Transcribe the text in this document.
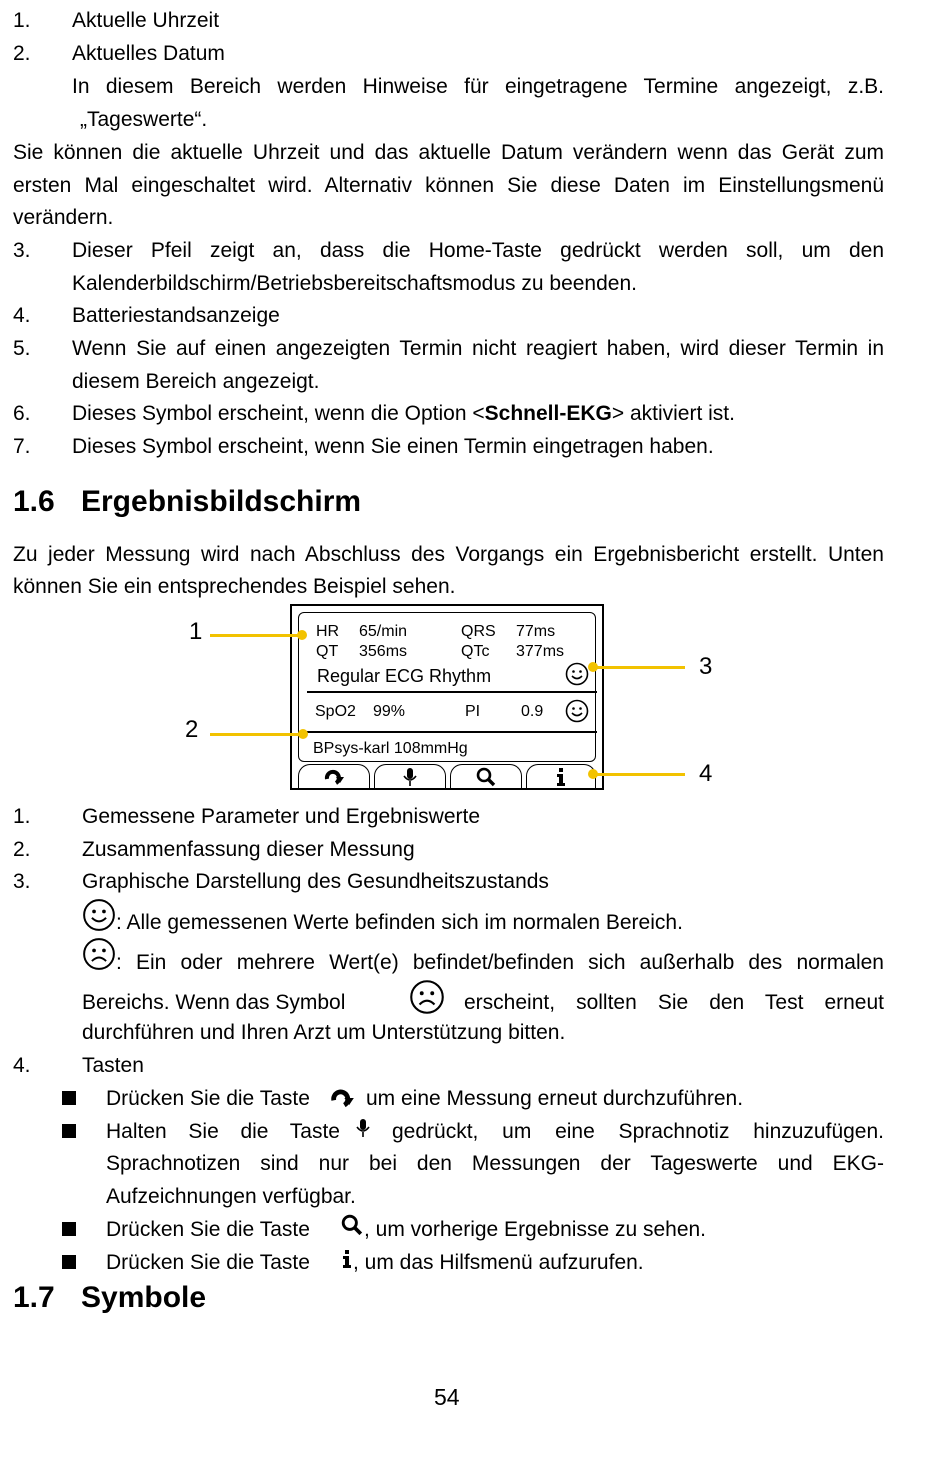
1. Aktuelle Uhrzeit
2. Aktuelles Datum
In diesem Bereich werden Hinweise für eingetragene Termine angezeigt, z.B.
„Tageswerte“.
Sie können die aktuelle Uhrzeit und das aktuelle Datum verändern wenn das Gerät zum
ersten Mal eingeschaltet wird. Alternativ können Sie diese Daten im Einstellungsmenü
verändern.
3. Dieser Pfeil zeigt an, dass die Home-Taste gedrückt werden soll, um den
Kalenderbildschirm/Betriebsbereitschaftsmodus zu beenden.
4. Batteriestandsanzeige
5. Wenn Sie auf einen angezeigten Termin nicht reagiert haben, wird dieser Termin in
diesem Bereich angezeigt.
6. Dieses Symbol erscheint, wenn die Option <Schnell-EKG> aktiviert ist.
7. Dieses Symbol erscheint, wenn Sie einen Termin eingetragen haben.
1.6 Ergebnisbildschirm
Zu jeder Messung wird nach Abschluss des Vorgangs ein Ergebnisbericht erstellt. Unten
können Sie ein entsprechendes Beispiel sehen.
HR 65/min	QRS 77ms
QT 356ms	QTc 377ms
Regular ECG Rhythm
SpO2 99%	PI	0.9
BPsys-karl 108mmHg
1
2
3
4
1. Gemessene Parameter und Ergebniswerte
2. Zusammenfassung dieser Messung
3. Graphische Darstellung des Gesundheitszustands
: Alle gemessenen Werte befinden sich im normalen Bereich.
: Ein oder mehrere Wert(e) befindet/befinden sich außerhalb des normalen
Bereichs. Wenn das Symbol	erscheint, sollten Sie den Test erneut
durchführen und Ihren Arzt um Unterstützung bitten.
4. Tasten
Drücken Sie die Taste	um eine Messung erneut durchzuführen.
Halten Sie die Taste gedrückt, um eine Sprachnotiz hinzuzufügen.
Sprachnotizen sind nur bei den Messungen der Tageswerte und EKG-
Aufzeichnungen verfügbar.
Drücken Sie die Taste	, um vorherige Ergebnisse zu sehen.
Drücken Sie die Taste , um das Hilfsmenü aufzurufen.
1.7 Symbole
54
